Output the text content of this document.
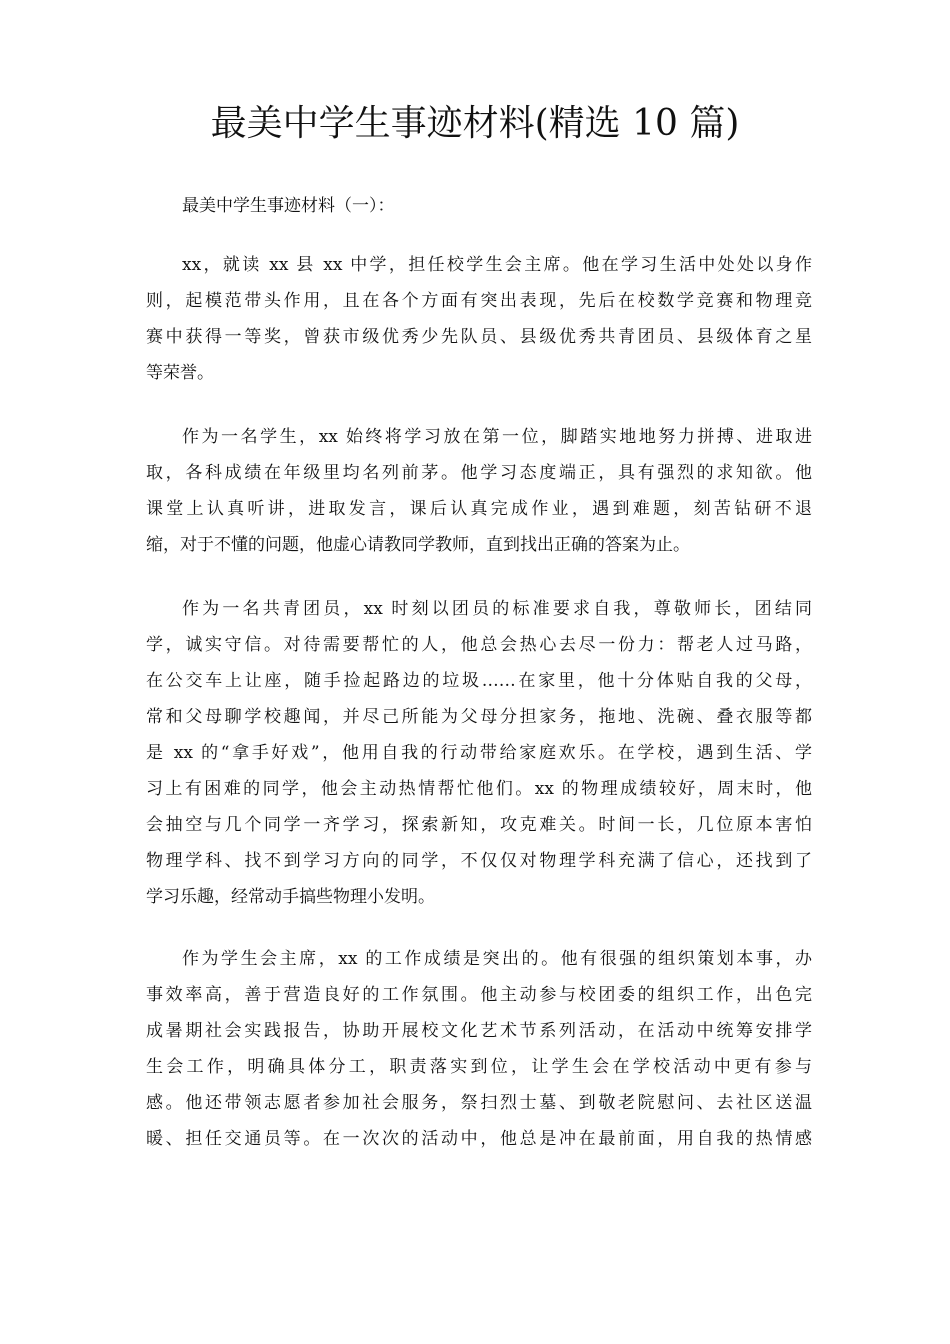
最美中学生事迹材料(精选 10 篇)

最美中学生事迹材料（一）：

xx，就读 xx 县 xx 中学，担任校学生会主席。他在学习生活中处处以身作
则，起模范带头作用，且在各个方面有突出表现，先后在校数学竞赛和物理竞
赛中获得一等奖，曾获市级优秀少先队员、县级优秀共青团员、县级体育之星
等荣誉。
作为一名学生，xx 始终将学习放在第一位，脚踏实地地努力拼搏、进取进
取，各科成绩在年级里均名列前茅。他学习态度端正，具有强烈的求知欲。他
课堂上认真听讲，进取发言，课后认真完成作业，遇到难题，刻苦钻研不退
缩，对于不懂的问题，他虚心请教同学教师，直到找出正确的答案为止。
作为一名共青团员，xx 时刻以团员的标准要求自我，尊敬师长，团结同
学，诚实守信。对待需要帮忙的人，他总会热心去尽一份力：帮老人过马路，
在公交车上让座，随手捡起路边的垃圾……在家里，他十分体贴自我的父母，
常和父母聊学校趣闻，并尽己所能为父母分担家务，拖地、洗碗、叠衣服等都
是 xx 的“拿手好戏”，他用自我的行动带给家庭欢乐。在学校，遇到生活、学
习上有困难的同学，他会主动热情帮忙他们。xx 的物理成绩较好，周末时，他
会抽空与几个同学一齐学习，探索新知，攻克难关。时间一长，几位原本害怕
物理学科、找不到学习方向的同学，不仅仅对物理学科充满了信心，还找到了
学习乐趣，经常动手搞些物理小发明。
作为学生会主席，xx 的工作成绩是突出的。他有很强的组织策划本事，办
事效率高，善于营造良好的工作氛围。他主动参与校团委的组织工作，出色完
成暑期社会实践报告，协助开展校文化艺术节系列活动，在活动中统筹安排学
生会工作，明确具体分工，职责落实到位，让学生会在学校活动中更有参与
感。他还带领志愿者参加社会服务，祭扫烈士墓、到敬老院慰问、去社区送温
暖、担任交通员等。在一次次的活动中，他总是冲在最前面，用自我的热情感
